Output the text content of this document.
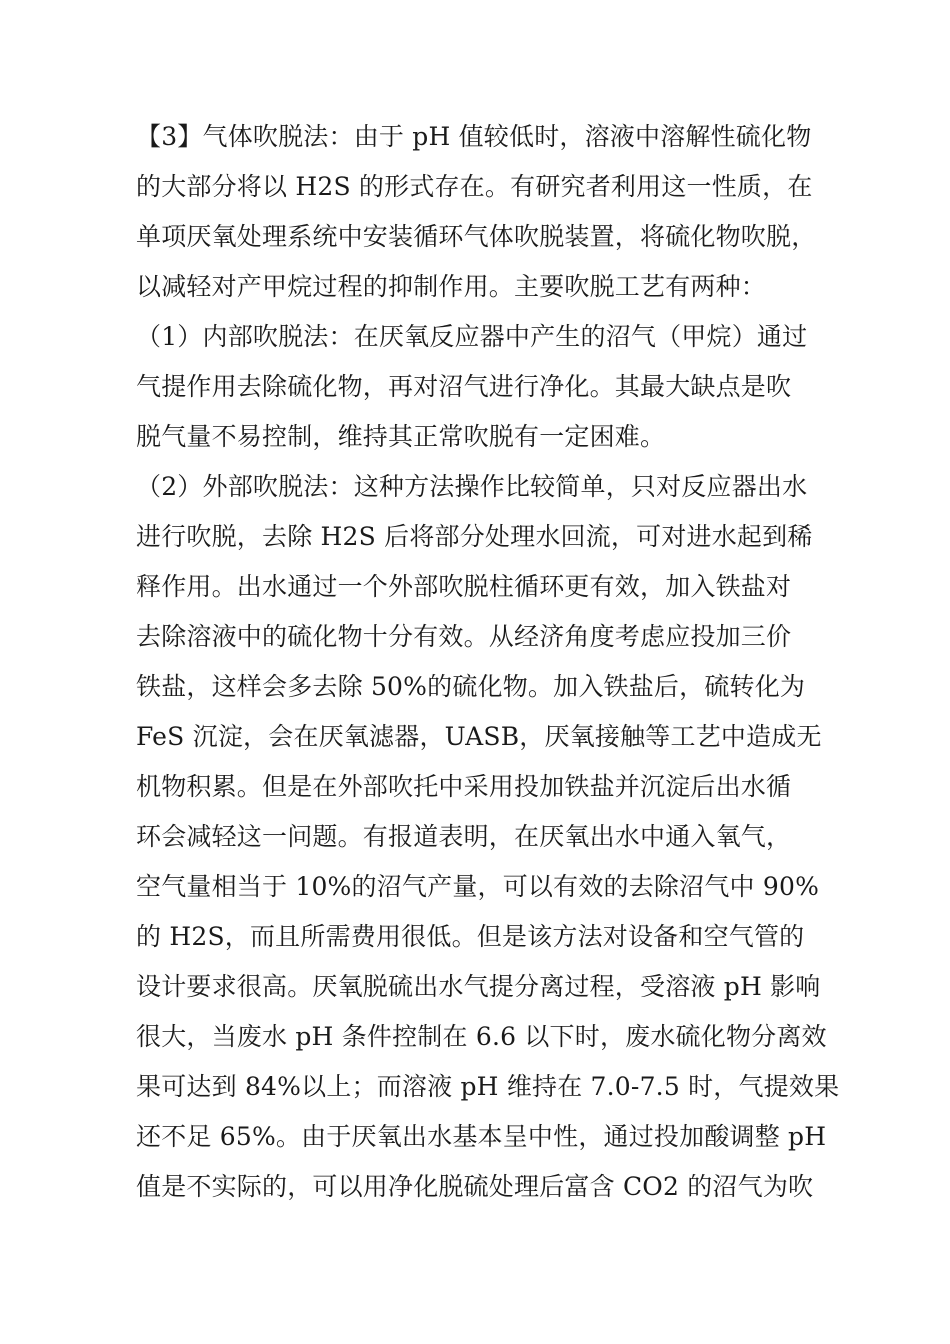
【3】气体吹脱法：由于 pH 值较低时，溶液中溶解性硫化物
的大部分将以 H2S 的形式存在。有研究者利用这一性质，在
单项厌氧处理系统中安装循环气体吹脱装置，将硫化物吹脱，
以减轻对产甲烷过程的抑制作用。主要吹脱工艺有两种：
（1）内部吹脱法：在厌氧反应器中产生的沼气（甲烷）通过
气提作用去除硫化物，再对沼气进行净化。其最大缺点是吹
脱气量不易控制，维持其正常吹脱有一定困难。
（2）外部吹脱法：这种方法操作比较简单，只对反应器出水
进行吹脱，去除 H2S 后将部分处理水回流，可对进水起到稀
释作用。出水通过一个外部吹脱柱循环更有效，加入铁盐对
去除溶液中的硫化物十分有效。从经济角度考虑应投加三价
铁盐，这样会多去除 50%的硫化物。加入铁盐后，硫转化为
FeS 沉淀，会在厌氧滤器，UASB，厌氧接触等工艺中造成无
机物积累。但是在外部吹托中采用投加铁盐并沉淀后出水循
环会减轻这一问题。有报道表明，在厌氧出水中通入氧气，
空气量相当于 10%的沼气产量，可以有效的去除沼气中 90%
的 H2S，而且所需费用很低。但是该方法对设备和空气管的
设计要求很高。厌氧脱硫出水气提分离过程，受溶液 pH 影响
很大，当废水 pH 条件控制在 6.6 以下时，废水硫化物分离效
果可达到 84%以上；而溶液 pH 维持在 7.0-7.5 时，气提效果
还不足 65%。由于厌氧出水基本呈中性，通过投加酸调整 pH
值是不实际的，可以用净化脱硫处理后富含 CO2 的沼气为吹
